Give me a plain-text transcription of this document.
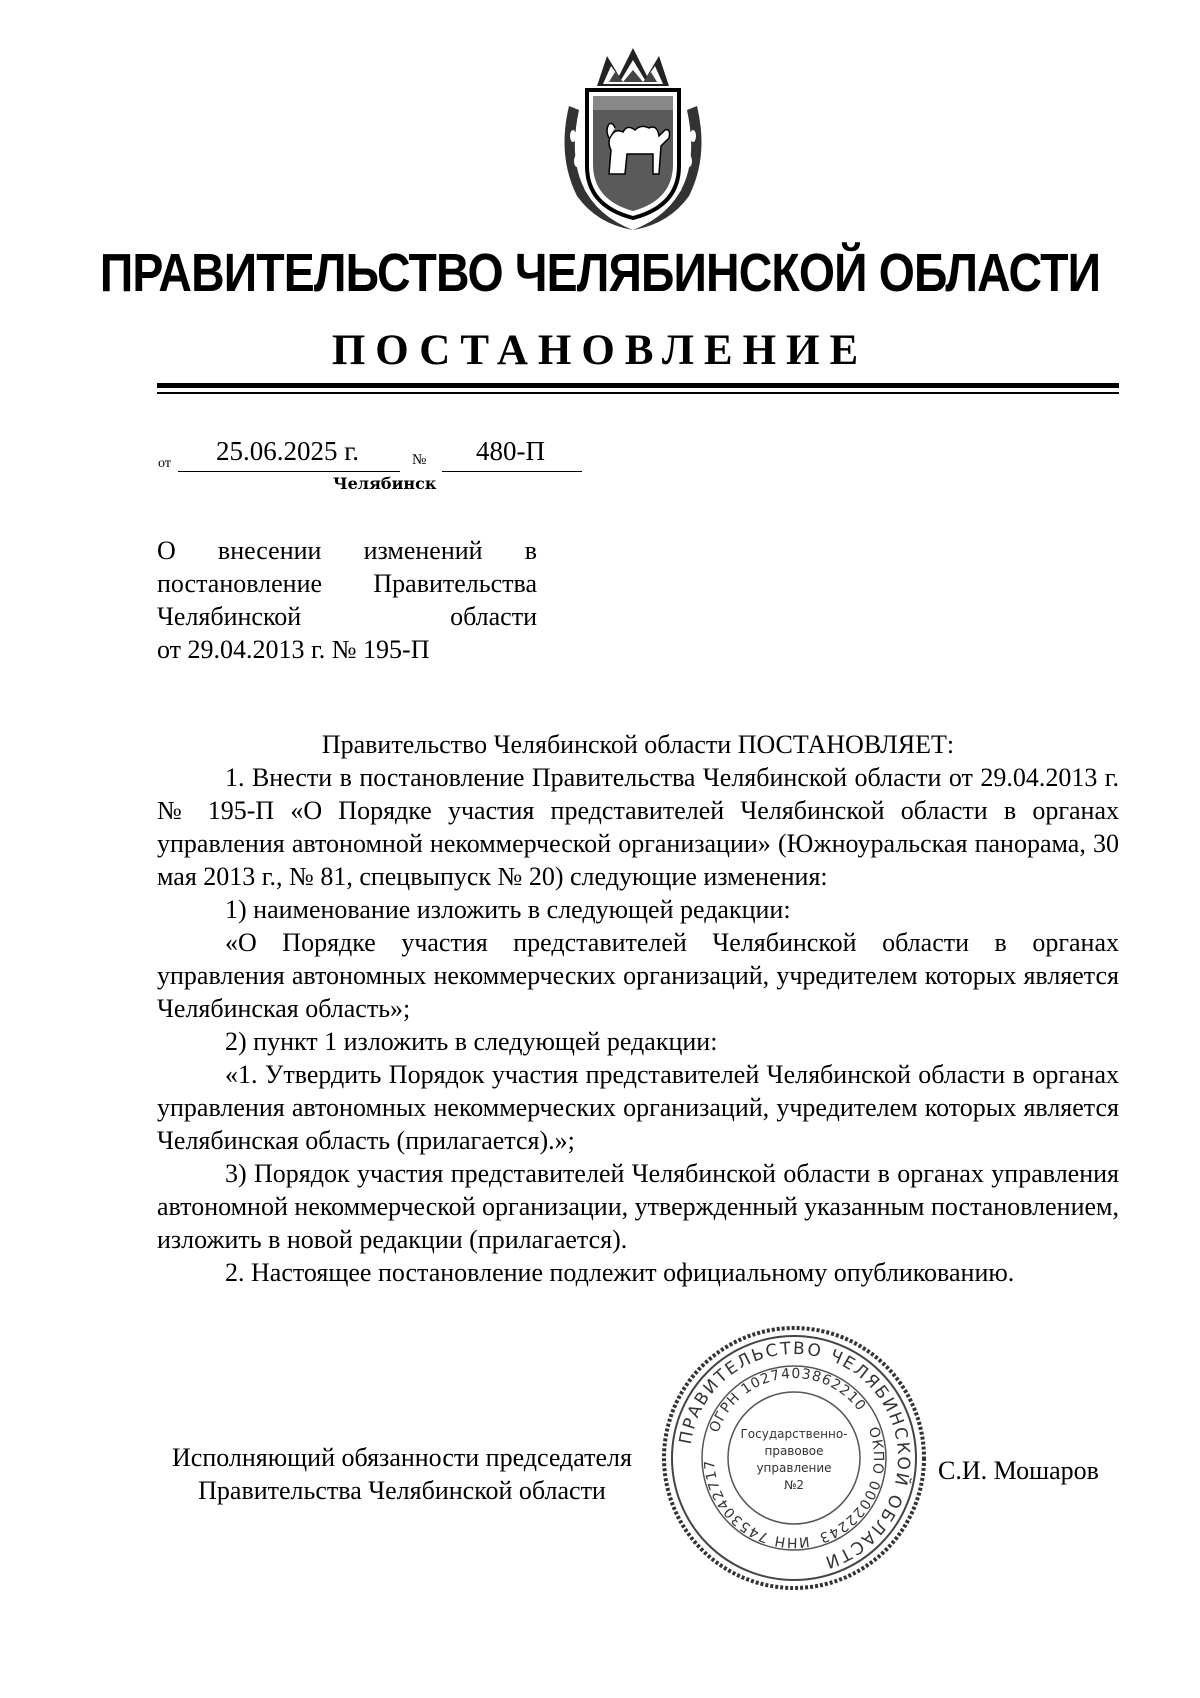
ПРАВИТЕЛЬСТВО ЧЕЛЯБИНСКОЙ ОБЛАСТИ
ПОСТАНОВЛЕНИЕ
от 25.06.2025 г.	№ 480-П
Челябинск
О внесении изменений в
постановление Правительства
Челябинской области
от 29.04.2013 г. № 195-П

Правительство Челябинской области ПОСТАНОВЛЯЕТ:

1. Внести в постановление Правительства Челябинской области от 29.04.2013 г. № 195-П «О Порядке участия представителей Челябинской области в органах управления автономной некоммерческой организации» (Южноуральская панорама, 30 мая 2013 г., № 81, спецвыпуск № 20) следующие изменения:

1) наименование изложить в следующей редакции:

«О Порядке участия представителей Челябинской области в органах управления автономных некоммерческих организаций, учредителем которых является Челябинская область»;

2) пункт 1 изложить в следующей редакции:

«1. Утвердить Порядок участия представителей Челябинской области в органах управления автономных некоммерческих организаций, учредителем которых является Челябинская область (прилагается).»;

3) Порядок участия представителей Челябинской области в органах управления автономной некоммерческой организации, утвержденный указанным постановлением, изложить в новой редакции (прилагается).

2. Настоящее постановление подлежит официальному опубликованию.

Исполняющий обязанности председателя
Правительства Челябинской области
С.И. Мошаров
ПРАВИТЕЛЬСТВО ЧЕЛЯБИНСКОЙ ОБЛАСТИ
ОГРН 1027403862210
ОКПО 00022243
ИНН 7453042717
Государственно-
правовое
управление
№2
